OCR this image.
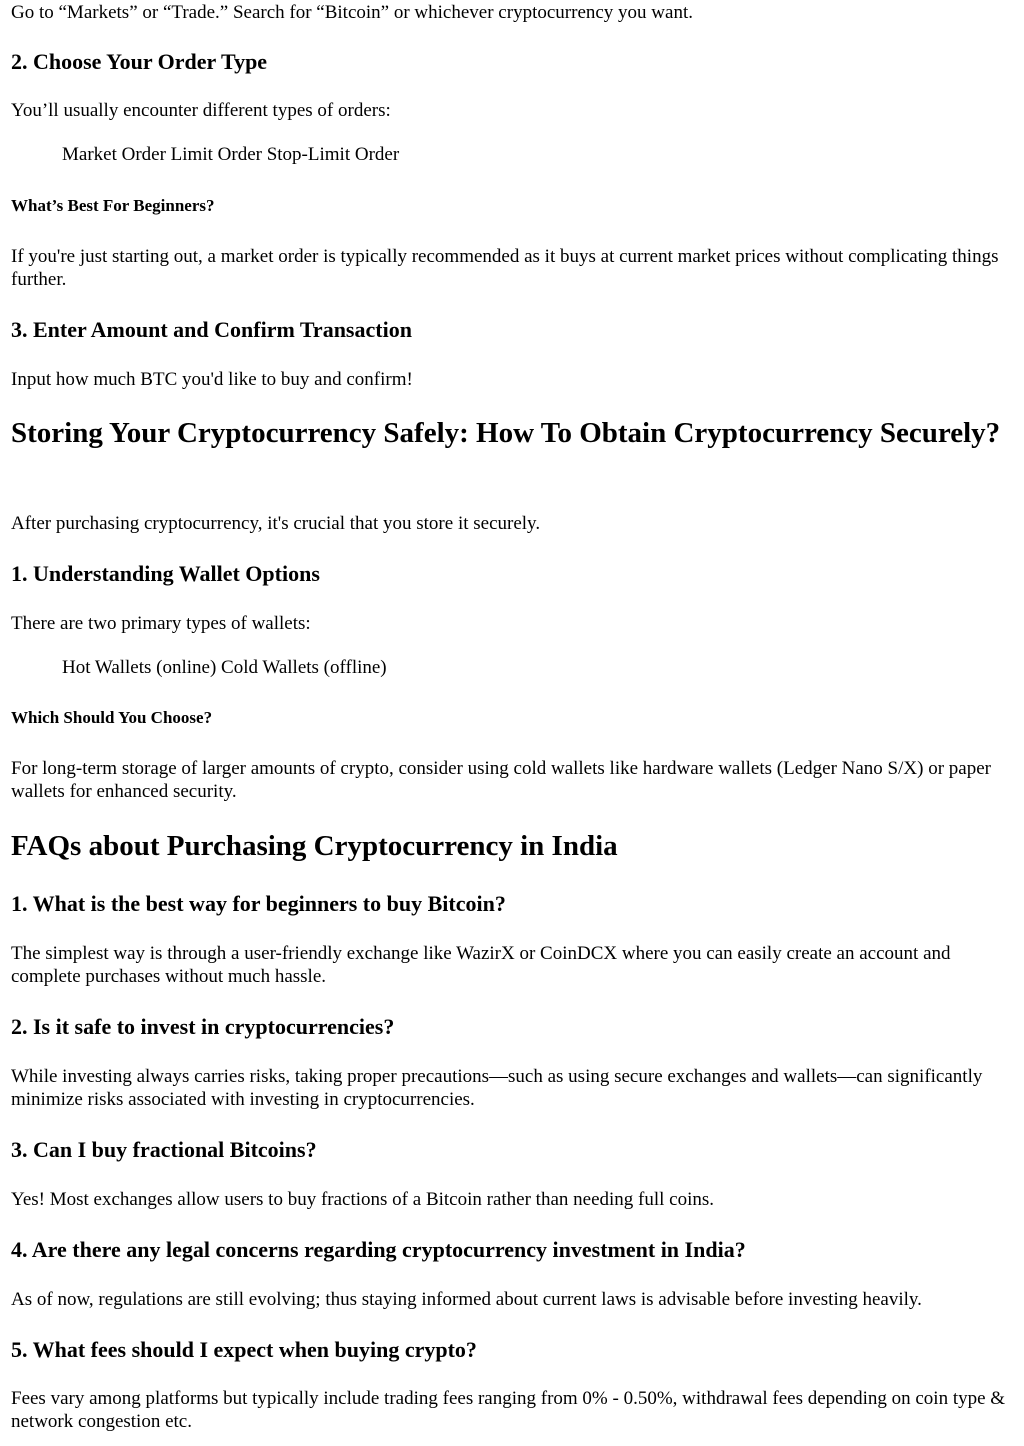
Go to “Markets” or “Trade.” Search for “Bitcoin” or whichever cryptocurrency you want.

2. Choose Your Order Type

You’ll usually encounter different types of orders:

Market Order Limit Order Stop-Limit Order

What’s Best For Beginners?

If you're just starting out, a market order is typically recommended as it buys at current market prices without complicating things further.

3. Enter Amount and Confirm Transaction

Input how much BTC you'd like to buy and confirm!

Storing Your Cryptocurrency Safely: How To Obtain Cryptocurrency Securely?

After purchasing cryptocurrency, it's crucial that you store it securely.

1. Understanding Wallet Options

There are two primary types of wallets:

Hot Wallets (online) Cold Wallets (offline)

Which Should You Choose?

For long-term storage of larger amounts of crypto, consider using cold wallets like hardware wallets (Ledger Nano S/X) or paper wallets for enhanced security.

FAQs about Purchasing Cryptocurrency in India
1. What is the best way for beginners to buy Bitcoin?

The simplest way is through a user-friendly exchange like WazirX or CoinDCX where you can easily create an account and complete purchases without much hassle.

2. Is it safe to invest in cryptocurrencies?

While investing always carries risks, taking proper precautions—such as using secure exchanges and wallets—can significantly minimize risks associated with investing in cryptocurrencies.

3. Can I buy fractional Bitcoins?

Yes! Most exchanges allow users to buy fractions of a Bitcoin rather than needing full coins.

4. Are there any legal concerns regarding cryptocurrency investment in India?

As of now, regulations are still evolving; thus staying informed about current laws is advisable before investing heavily.

5. What fees should I expect when buying crypto?

Fees vary among platforms but typically include trading fees ranging from 0% - 0.50%, withdrawal fees depending on coin type & network congestion etc.
